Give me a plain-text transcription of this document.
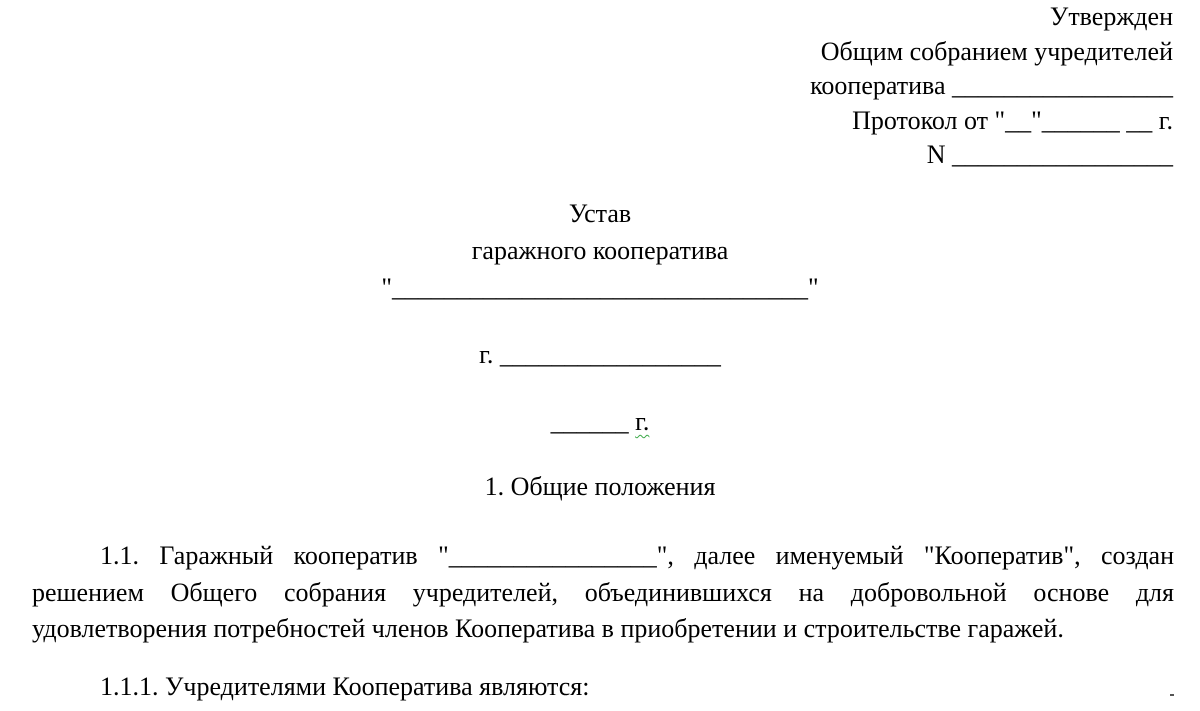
Утвержден
Общим собранием учредителей
кооператива _________________
Протокол от "__"______ __ г.
N _________________
Устав
гаражного кооператива
"________________________________"
г. _________________
______ г.
1. Общие положения
1.1. Гаражный кооператив "________________", далее именуемый "Кооператив", создан решением Общего собрания учредителей, объединившихся на добровольной основе для удовлетворения потребностей членов Кооператива в приобретении и строительстве гаражей.
1.1.1. Учредителями Кооператива являются:
